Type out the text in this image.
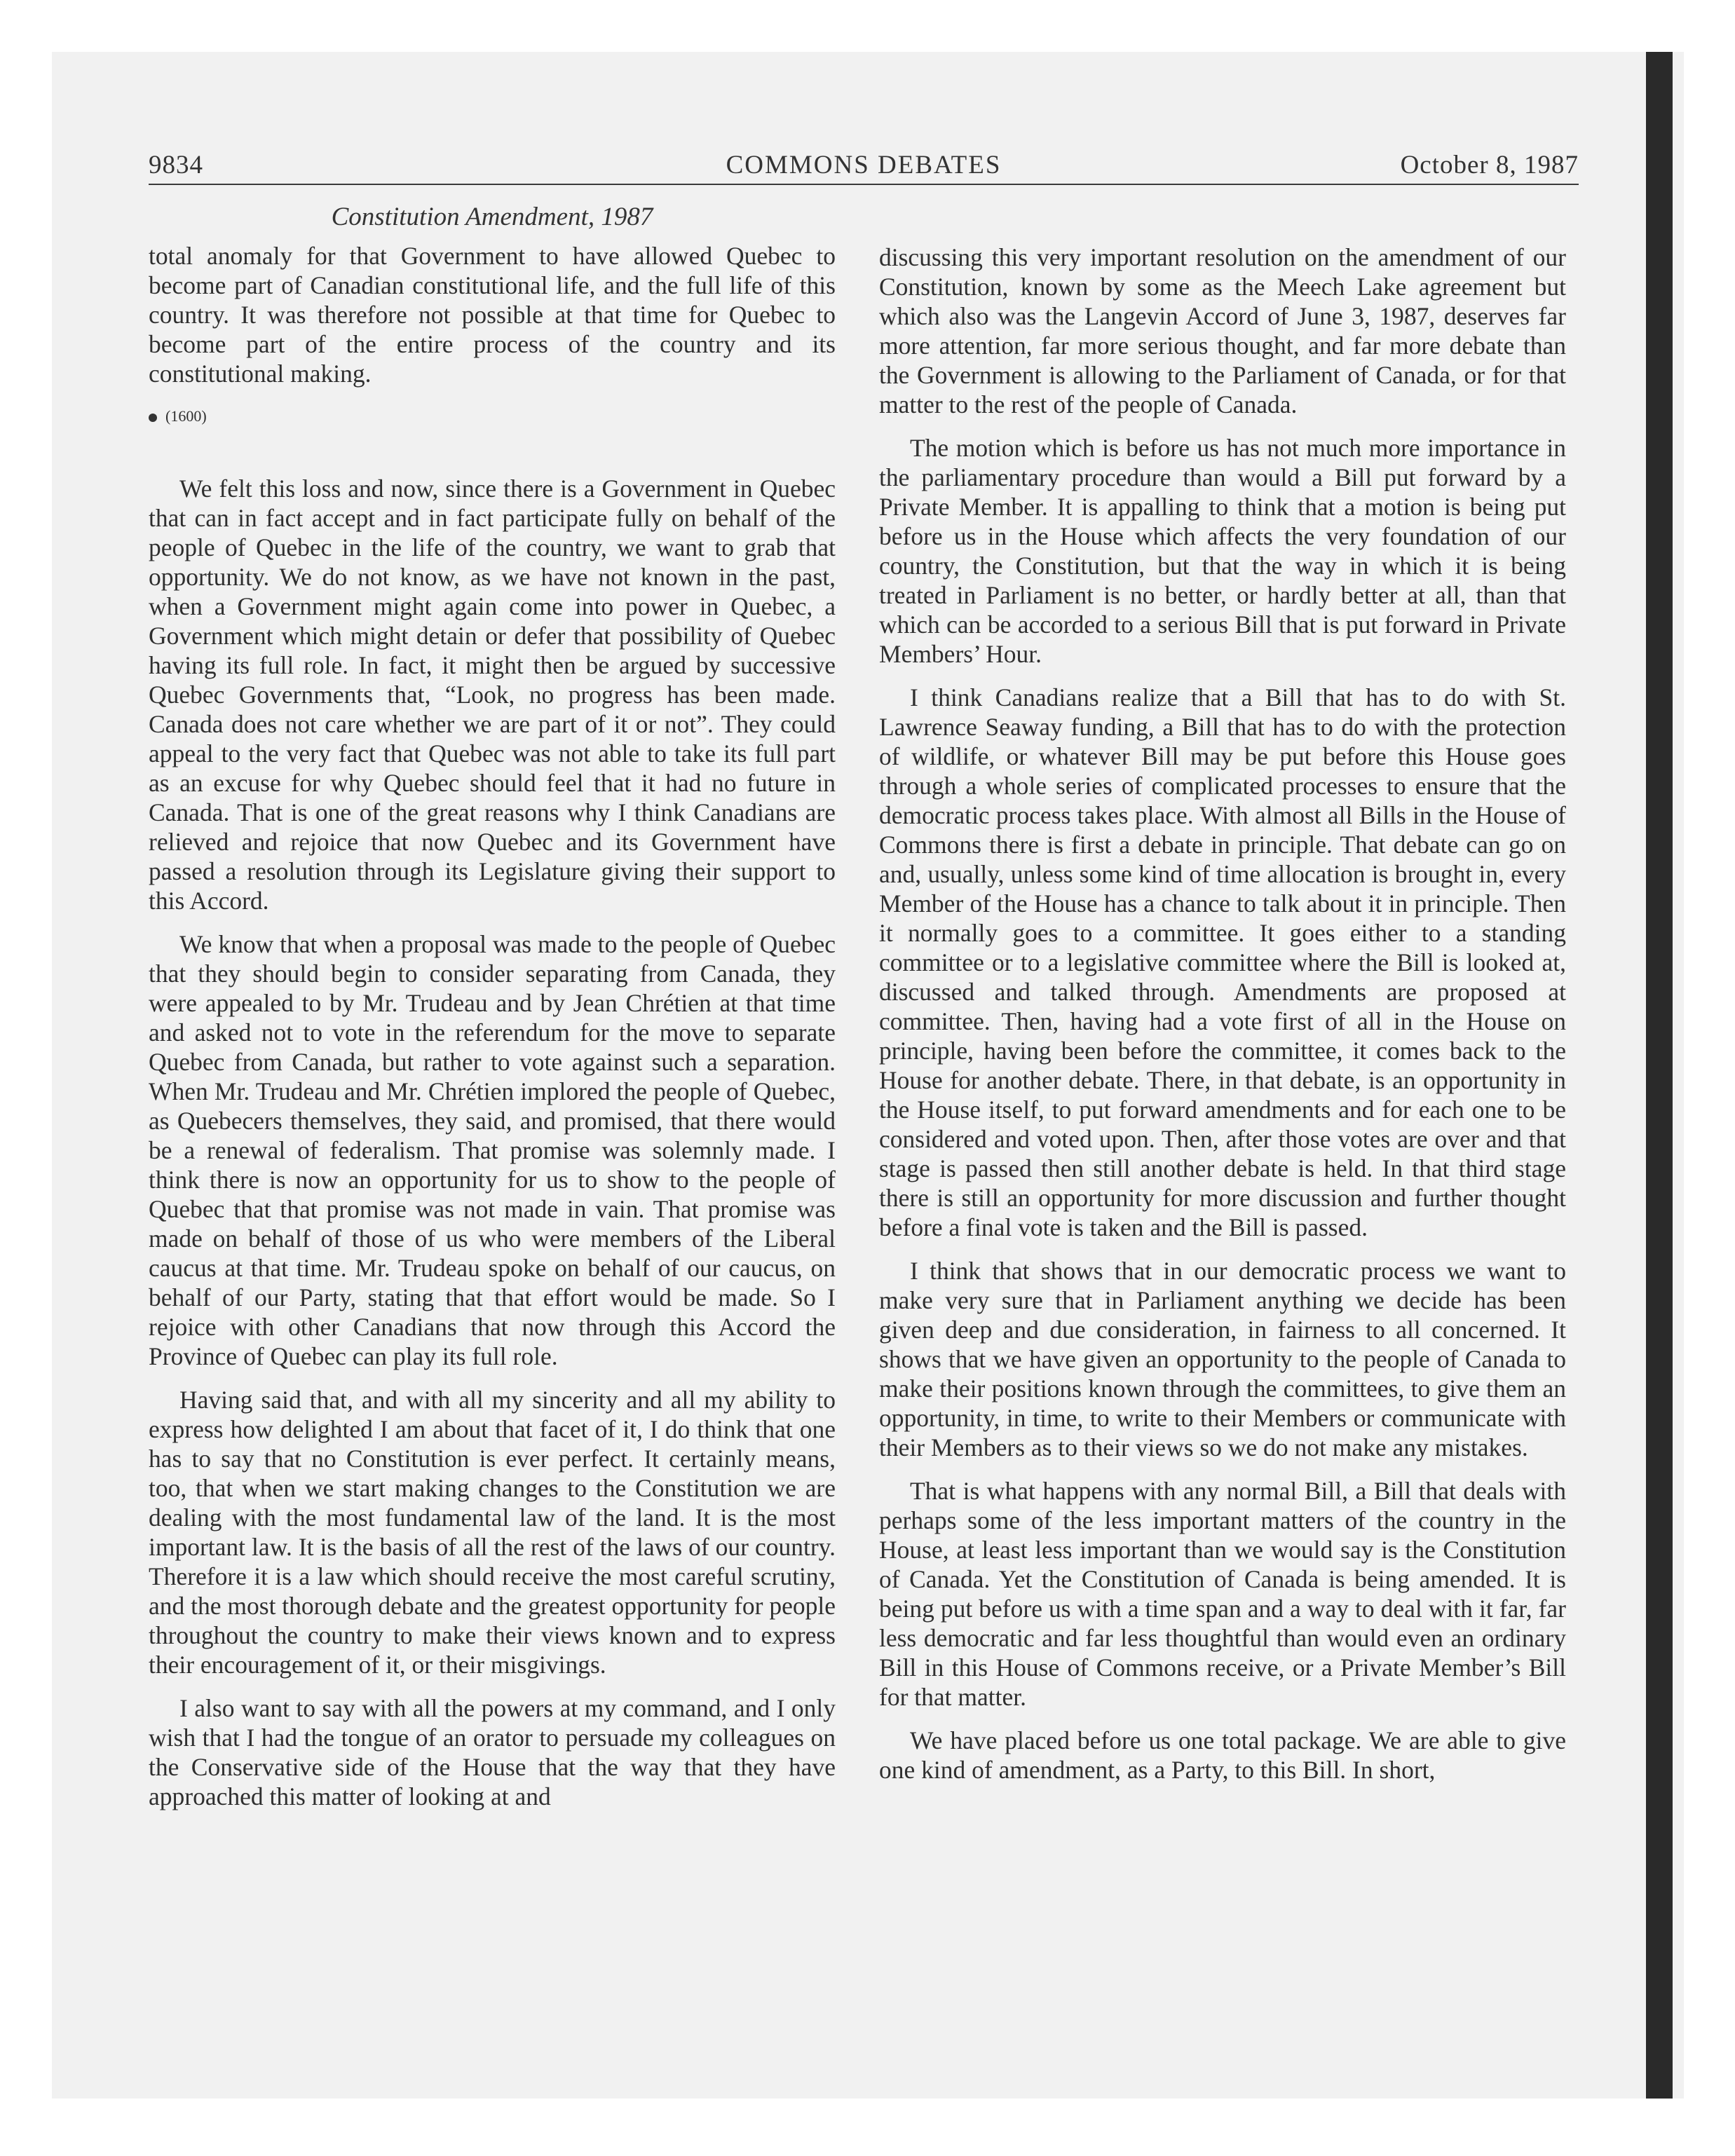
9834	COMMONS DEBATES	October 8, 1987
Constitution Amendment, 1987

total anomaly for that Government to have allowed Quebec to become part of Canadian constitutional life, and the full life of this country. It was therefore not possible at that time for Quebec to become part of the entire process of the country and its constitutional making.

(1600)

We felt this loss and now, since there is a Government in Quebec that can in fact accept and in fact participate fully on behalf of the people of Quebec in the life of the country, we want to grab that opportunity. We do not know, as we have not known in the past, when a Government might again come into power in Quebec, a Government which might detain or defer that possibility of Quebec having its full role. In fact, it might then be argued by successive Quebec Governments that, “Look, no progress has been made. Canada does not care whether we are part of it or not”. They could appeal to the very fact that Quebec was not able to take its full part as an excuse for why Quebec should feel that it had no future in Canada. That is one of the great reasons why I think Canadians are relieved and rejoice that now Quebec and its Government have passed a resolution through its Legislature giving their support to this Accord.

We know that when a proposal was made to the people of Quebec that they should begin to consider separating from Canada, they were appealed to by Mr. Trudeau and by Jean Chrétien at that time and asked not to vote in the referendum for the move to separate Quebec from Canada, but rather to vote against such a separation. When Mr. Trudeau and Mr. Chrétien implored the people of Quebec, as Quebecers themselves, they said, and promised, that there would be a renewal of federalism. That promise was solemnly made. I think there is now an opportunity for us to show to the people of Quebec that that promise was not made in vain. That promise was made on behalf of those of us who were members of the Liberal caucus at that time. Mr. Trudeau spoke on behalf of our caucus, on behalf of our Party, stating that that effort would be made. So I rejoice with other Canadians that now through this Accord the Province of Quebec can play its full role.

Having said that, and with all my sincerity and all my ability to express how delighted I am about that facet of it, I do think that one has to say that no Constitution is ever perfect. It certainly means, too, that when we start making changes to the Constitution we are dealing with the most fundamental law of the land. It is the most important law. It is the basis of all the rest of the laws of our country. Therefore it is a law which should receive the most careful scrutiny, and the most thorough debate and the greatest opportunity for people throughout the country to make their views known and to express their encouragement of it, or their misgivings.

I also want to say with all the powers at my command, and I only wish that I had the tongue of an orator to persuade my colleagues on the Conservative side of the House that the way that they have approached this matter of looking at and

discussing this very important resolution on the amendment of our Constitution, known by some as the Meech Lake agreement but which also was the Langevin Accord of June 3, 1987, deserves far more attention, far more serious thought, and far more debate than the Government is allowing to the Parliament of Canada, or for that matter to the rest of the people of Canada.

The motion which is before us has not much more importance in the parliamentary procedure than would a Bill put forward by a Private Member. It is appalling to think that a motion is being put before us in the House which affects the very foundation of our country, the Constitution, but that the way in which it is being treated in Parliament is no better, or hardly better at all, than that which can be accorded to a serious Bill that is put forward in Private Members’ Hour.

I think Canadians realize that a Bill that has to do with St. Lawrence Seaway funding, a Bill that has to do with the protection of wildlife, or whatever Bill may be put before this House goes through a whole series of complicated processes to ensure that the democratic process takes place. With almost all Bills in the House of Commons there is first a debate in principle. That debate can go on and, usually, unless some kind of time allocation is brought in, every Member of the House has a chance to talk about it in principle. Then it normally goes to a committee. It goes either to a standing committee or to a legislative committee where the Bill is looked at, discussed and talked through. Amendments are proposed at committee. Then, having had a vote first of all in the House on principle, having been before the committee, it comes back to the House for another debate. There, in that debate, is an opportunity in the House itself, to put forward amendments and for each one to be considered and voted upon. Then, after those votes are over and that stage is passed then still another debate is held. In that third stage there is still an opportunity for more discussion and further thought before a final vote is taken and the Bill is passed.

I think that shows that in our democratic process we want to make very sure that in Parliament anything we decide has been given deep and due consideration, in fairness to all concerned. It shows that we have given an opportunity to the people of Canada to make their positions known through the committees, to give them an opportunity, in time, to write to their Members or communicate with their Members as to their views so we do not make any mistakes.

That is what happens with any normal Bill, a Bill that deals with perhaps some of the less important matters of the country in the House, at least less important than we would say is the Constitution of Canada. Yet the Constitution of Canada is being amended. It is being put before us with a time span and a way to deal with it far, far less democratic and far less thoughtful than would even an ordinary Bill in this House of Commons receive, or a Private Member’s Bill for that matter.

We have placed before us one total package. We are able to give one kind of amendment, as a Party, to this Bill. In short,
